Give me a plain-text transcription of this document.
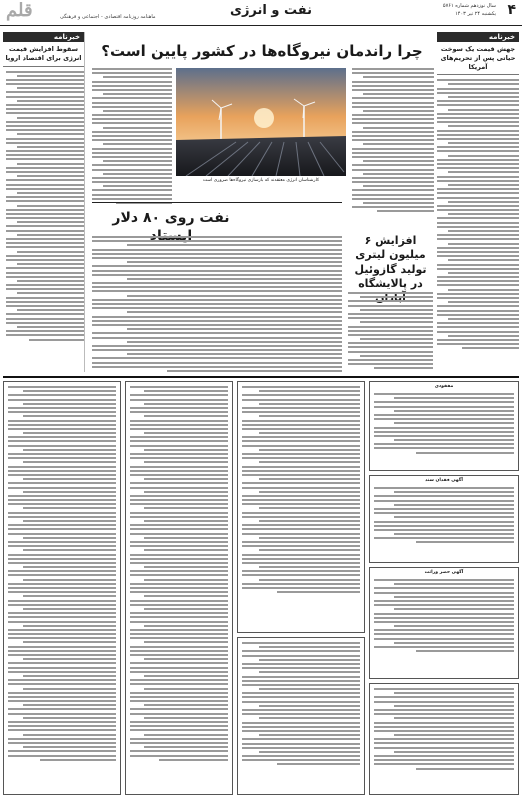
۴
نفت و انرژی	سال نوزدهم شماره ۵۷۶۱
یکشنبه ۲۴ تیر ۱۴۰۳
ماهنامه روزنامه اقتصادی - اجتماعی و فرهنگی
قلم
خبرنامه
جهش قیمت یک سوخت حیاتی پس از تحریم‌های آمریکا
خبرنامه
سقوط افزایش قیمت انرژی برای اقتصاد اروپا	چرا راندمان نیروگاه‌ها در کشور پایین است؟
کارشناسان انرژی معتقدند که بازسازی نیروگاه‌ها ضروری است
نفت روی ۸۰ دلار
افزایش ۶ میلیون لیتری تولید گازوئیل در پالایشگاه
مفقودی
آگهی فقدان سند
آگهی حصر وراثت
